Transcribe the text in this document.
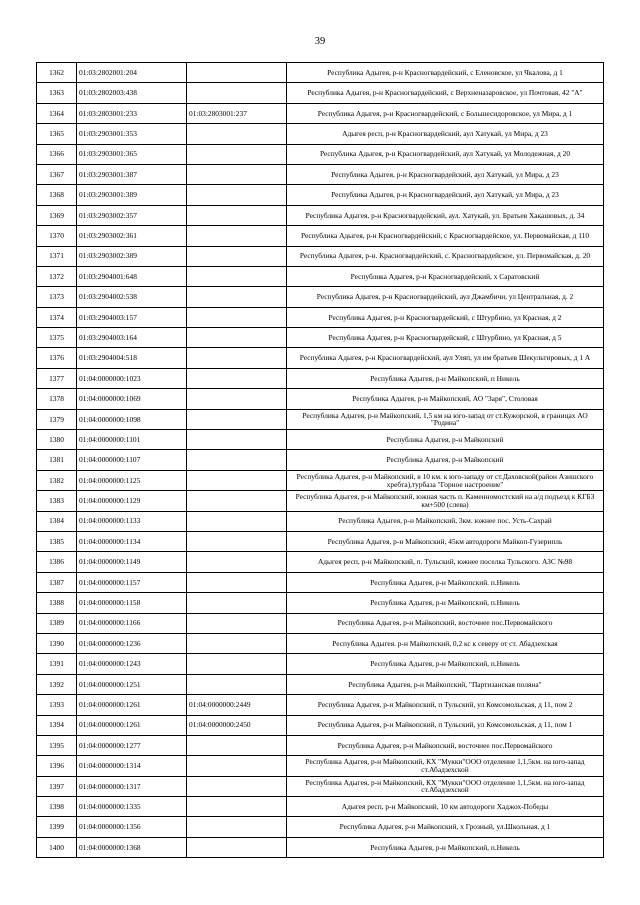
39
1362	01:03:2802001:204		Республика Адыгея, р-н Красногвардейский, с Еленовское, ул Чкалова, д 1
1363	01:03:2802003:438		Республика Адыгея, р-н Красногвардейский, с Верхненазаровское, ул Почтовая, 42 "А"
1364	01:03:2803001:233	01:03:2803001:237	Республика Адыгея, р-н Красногвардейский, с Большесидоровское, ул Мира, д 1
1365	01:03:2903001:353		Адыгея респ, р-н Красногвардейский, аул Хатукай, ул Мира, д 23
1366	01:03:2903001:365		Республика Адыгея, р-н Красногвардейский, аул Хатукай, ул Молодежная, д 20
1367	01:03:2903001:387		Республика Адыгея, р-н Красногвардейский, аул Хатукай, ул Мира, д 23
1368	01:03:2903001:389		Республика Адыгея, р-н Красногвардейский, аул Хатукай, ул Мира, д 23
1369	01:03:2903002:357		Республика Адыгея, р-н Красногвардейский, аул. Хатукай, ул. Братьев Хакашовых, д. 34
1370	01:03:2903002:361		Республика Адыгея, р-н Красногвардейский, с Красногвардейское, ул. Первомайская, д 110
1371	01:03:2903002:389		Республика Адыгея, р-н. Красногвардейский, с. Красногвардейское, ул. Первомайская, д. 20
1372	01:03:2904001:648		Республика Адыгея, р-н Красногвардейский, х Саратовский
1373	01:03:2904002:538		Республика Адыгея, р-н Красногвардейский, аул Джамбичи, ул Центральная, д. 2
1374	01:03:2904003:157		Республика Адыгея, р-н Красногвардейский, с Штурбино, ул Красная, д 2
1375	01:03:2904003:164		Республика Адыгея, р-н Красногвардейский, с Штурбино, ул Красная, д 5
1376	01:03:2904004:518		Республика Адыгея, р-н Красногвардейский, аул Уляп, ул им братьев Шекультировых, д 1 А
1377	01:04:0000000:1023		Республика Адыгея, р-н Майкопский, п Никель
1378	01:04:0000000:1069		Республика Адыгея, р-н Майкопский, АО "Заря", Столовая
1379	01:04:0000000:1098		Республика Адыгея, р-н Майкопский, 1,5 км на юго-запад от ст.Кужорской, в границах АО "Родина"
1380	01:04:0000000:1101		Республика Адыгея, р-н Майкопский
1381	01:04:0000000:1107		Республика Адыгея, р-н Майкопский
1382	01:04:0000000:1125		Республика Адыгея, р-н Майкопский, в 10 км. к юго-западу от ст.Даховской(район Азишского хребта),турбаза "Горное настроение"
1383	01:04:0000000:1129		Республика Адыгея, р-н Майкопский, южная часть п. Каменномостский на а/д подъезд к КГБЗ км+500 (слева)
1384	01:04:0000000:1133		Республика Адыгея, р-н Майкопский, 3км. южнее пос. Усть-Сахрай
1385	01:04:0000000:1134		Республика Адыгея, р-н Майкопский, 45км автодороги Майкоп-Гузерипль
1386	01:04:0000000:1149		Адыгея респ, р-н Майкопский, п. Тульский, южнее поселка Тульского. АЗС №98
1387	01:04:0000000:1157		Республика Адыгея, р-н Майкопский. п.Никель
1388	01:04:0000000:1158		Республика Адыгея, р-н Майкопский, п.Никель
1389	01:04:0000000:1166		Республика Адыгея, р-н Майкопский, восточнее пос.Первомайского
1390	01:04:0000000:1236		Республика Адыгея. р-н Майкопский, 0,2 кс к северу от ст. Абадзехская
1391	01:04:0000000:1243		Республика Адыгея, р-н Майкопский, п.Никель
1392	01:04:0000000:1251		Республика Адыгея, р-н Майкопский, "Партизанская поляна"
1393	01:04:0000000:1261	01:04:0000000:2449	Республика Адыгея, р-н Майкопский, п Тульский, ул Комсомольская, д 11, пом 2
1394	01:04:0000000:1261	01:04:0000000:2450	Республика Адыгея, р-н Майкопский, п Тульский, ул Комсомольская, д 11, пом 1
1395	01:04:0000000:1277		Республика Адыгея, р-н Майкопский, восточнее пос.Первомайского
1396	01:04:0000000:1314		Республика Адыгея, р-н Майкопский, КХ "Мукки"ООО отделение 1,1,5км. на юго-запад ст.Абадзехской
1397	01:04:0000000:1317		Республика Адыгея, р-н Майкопский, КХ "Мукки"ООО отделение 1,1,5км. на юго-запад ст.Абадзехской
1398	01:04:0000000:1335		Адыгея респ, р-н Майкопский, 10 км автодороги Хаджох-Победы
1399	01:04:0000000:1356		Республика Адыгея, р-н Майкопский, х Грозный, ул.Школьная, д 1
1400	01:04:0000000:1368		Республика Адыгея, р-н Майкопский, п.Никель
